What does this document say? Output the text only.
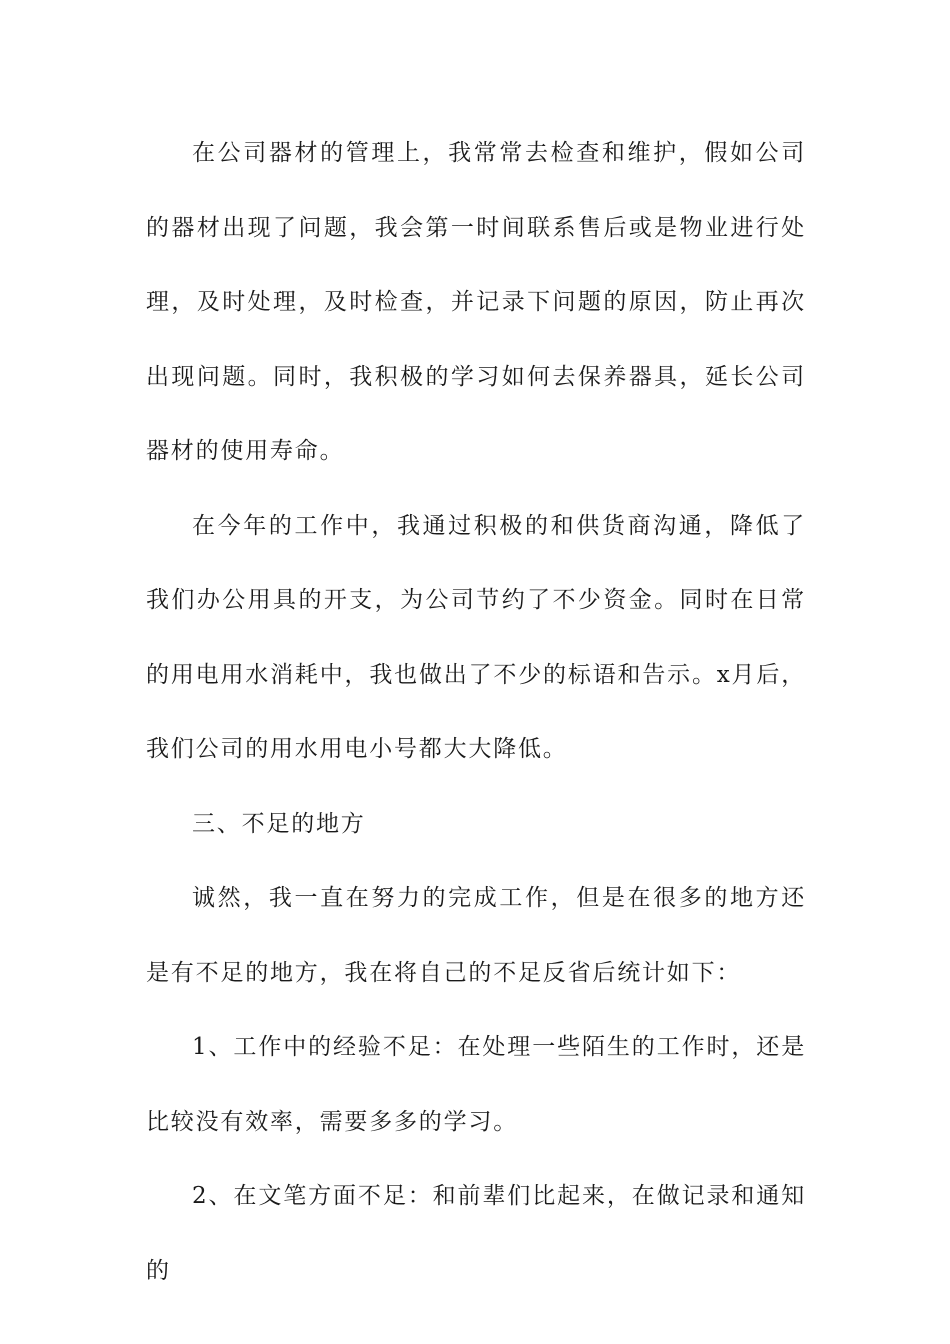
在公司器材的管理上，我常常去检查和维护，假如公司的器材出现了问题，我会第一时间联系售后或是物业进行处理，及时处理，及时检查，并记录下问题的原因，防止再次出现问题。同时，我积极的学习如何去保养器具，延长公司器材的使用寿命。

在今年的工作中，我通过积极的和供货商沟通，降低了我们办公用具的开支，为公司节约了不少资金。同时在日常的用电用水消耗中，我也做出了不少的标语和告示。x月后，我们公司的用水用电小号都大大降低。

三、不足的地方

诚然，我一直在努力的完成工作，但是在很多的地方还是有不足的地方，我在将自己的不足反省后统计如下：

1、工作中的经验不足：在处理一些陌生的工作时，还是比较没有效率，需要多多的学习。

2、在文笔方面不足：和前辈们比起来，在做记录和通知的
